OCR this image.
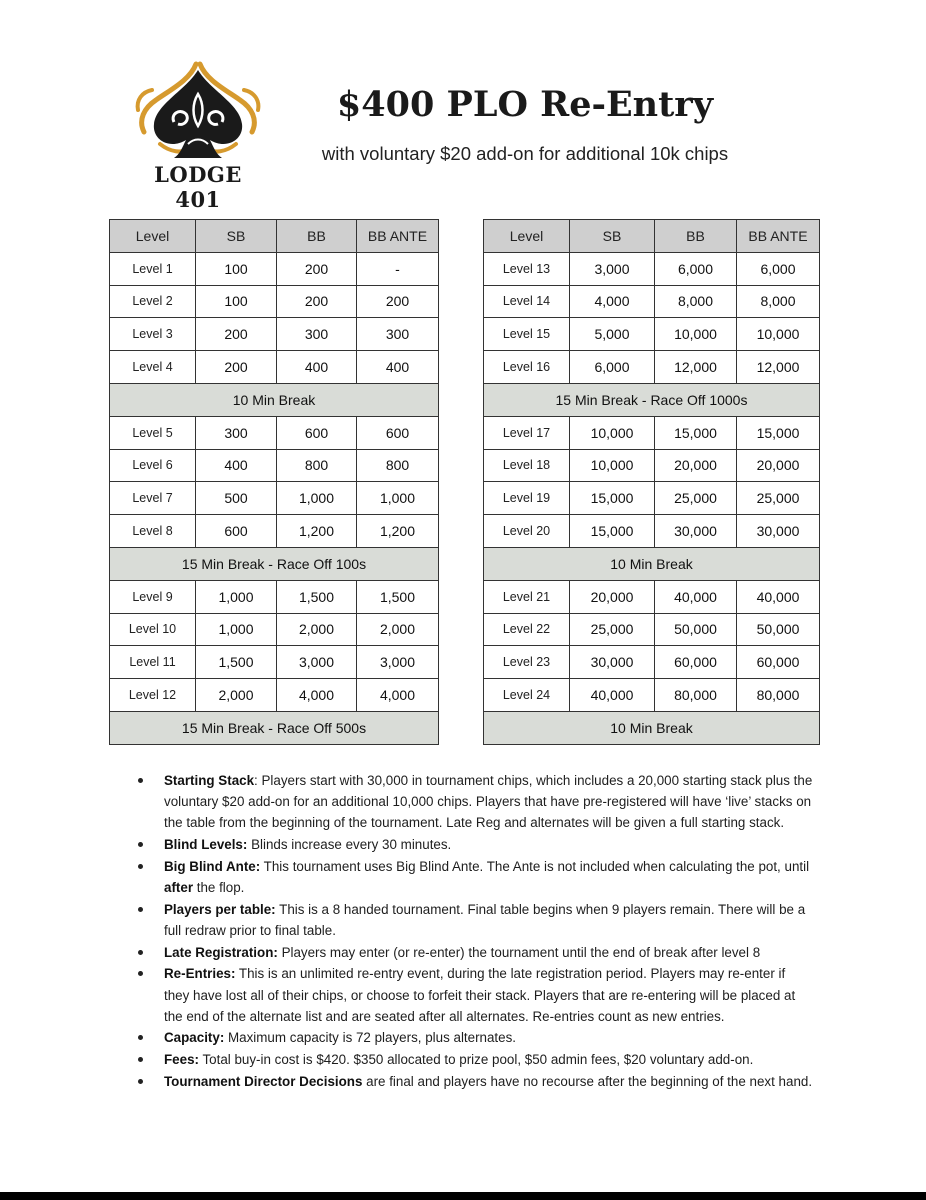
LODGE 401
$400 PLO Re-Entry
with voluntary $20 add-on for additional 10k chips
Level	SB	BB	BB ANTE
Level 1	100	200	-
Level 2	100	200	200
Level 3	200	300	300
Level 4	200	400	400
10 Min Break			
Level 5	300	600	600
Level 6	400	800	800
Level 7	500	1,000	1,000
Level 8	600	1,200	1,200
15 Min Break - Race Off 100s			
Level 9	1,000	1,500	1,500
Level 10	1,000	2,000	2,000
Level 11	1,500	3,000	3,000
Level 12	2,000	4,000	4,000
15 Min Break - Race Off 500s			
Level	SB	BB	BB ANTE
Level 13	3,000	6,000	6,000
Level 14	4,000	8,000	8,000
Level 15	5,000	10,000	10,000
Level 16	6,000	12,000	12,000
15 Min Break - Race Off 1000s			
Level 17	10,000	15,000	15,000
Level 18	10,000	20,000	20,000
Level 19	15,000	25,000	25,000
Level 20	15,000	30,000	30,000
10 Min Break			
Level 21	20,000	40,000	40,000
Level 22	25,000	50,000	50,000
Level 23	30,000	60,000	60,000
Level 24	40,000	80,000	80,000
10 Min Break			
Starting Stack: Players start with 30,000 in tournament chips, which includes a 20,000 starting stack plus the voluntary $20 add-on for an additional 10,000 chips. Players that have pre-registered will have ‘live’ stacks on the table from the beginning of the tournament. Late Reg and alternates will be given a full starting stack.
Blind Levels: Blinds increase every 30 minutes.
Big Blind Ante: This tournament uses Big Blind Ante. The Ante is not included when calculating the pot, until after the flop.
Players per table: This is a 8 handed tournament. Final table begins when 9 players remain. There will be a full redraw prior to final table.
Late Registration: Players may enter (or re-enter) the tournament until the end of break after level 8
Re-Entries: This is an unlimited re-entry event, during the late registration period. Players may re-enter if they have lost all of their chips, or choose to forfeit their stack. Players that are re-entering will be placed at the end of the alternate list and are seated after all alternates. Re-entries count as new entries.
Capacity: Maximum capacity is 72 players, plus alternates.
Fees: Total buy-in cost is $420. $350 allocated to prize pool, $50 admin fees, $20 voluntary add-on.
Tournament Director Decisions are final and players have no recourse after the beginning of the next hand.
